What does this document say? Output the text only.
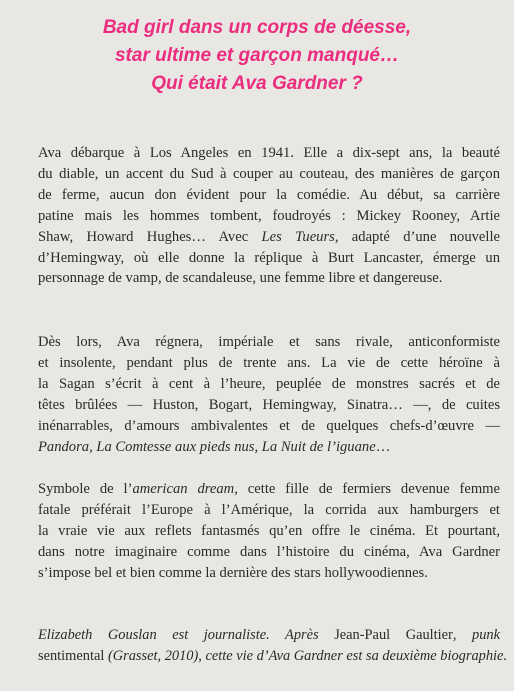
Bad girl dans un corps de déesse,
star ultime et garçon manqué…
Qui était Ava Gardner ?
Ava débarque à Los Angeles en 1941. Elle a dix-sept ans, la beauté
du diable, un accent du Sud à couper au couteau, des manières de garçon
de ferme, aucun don évident pour la comédie. Au début, sa carrière
patine mais les hommes tombent, foudroyés : Mickey Rooney, Artie
Shaw, Howard Hughes… Avec Les Tueurs, adapté d’une nouvelle
d’Hemingway, où elle donne la réplique à Burt Lancaster, émerge un
personnage de vamp, de scandaleuse, une femme libre et dangereuse.
Dès lors, Ava régnera, impériale et sans rivale, anticonformiste
et insolente, pendant plus de trente ans. La vie de cette héroïne à
la Sagan s’écrit à cent à l’heure, peuplée de monstres sacrés et de
têtes brûlées — Huston, Bogart, Hemingway, Sinatra… —, de cuites
inénarrables, d’amours ambivalentes et de quelques chefs-d’œuvre —
Pandora, La Comtesse aux pieds nus, La Nuit de l’iguane…
Symbole de l’american dream, cette fille de fermiers devenue femme
fatale préférait l’Europe à l’Amérique, la corrida aux hamburgers et
la vraie vie aux reflets fantasmés qu’en offre le cinéma. Et pourtant,
dans notre imaginaire comme dans l’histoire du cinéma, Ava Gardner
s’impose bel et bien comme la dernière des stars hollywoodiennes.
Elizabeth Gouslan est journaliste. Après Jean-Paul Gaultier, punk
sentimental (Grasset, 2010), cette vie d’Ava Gardner est sa deuxième biographie.
